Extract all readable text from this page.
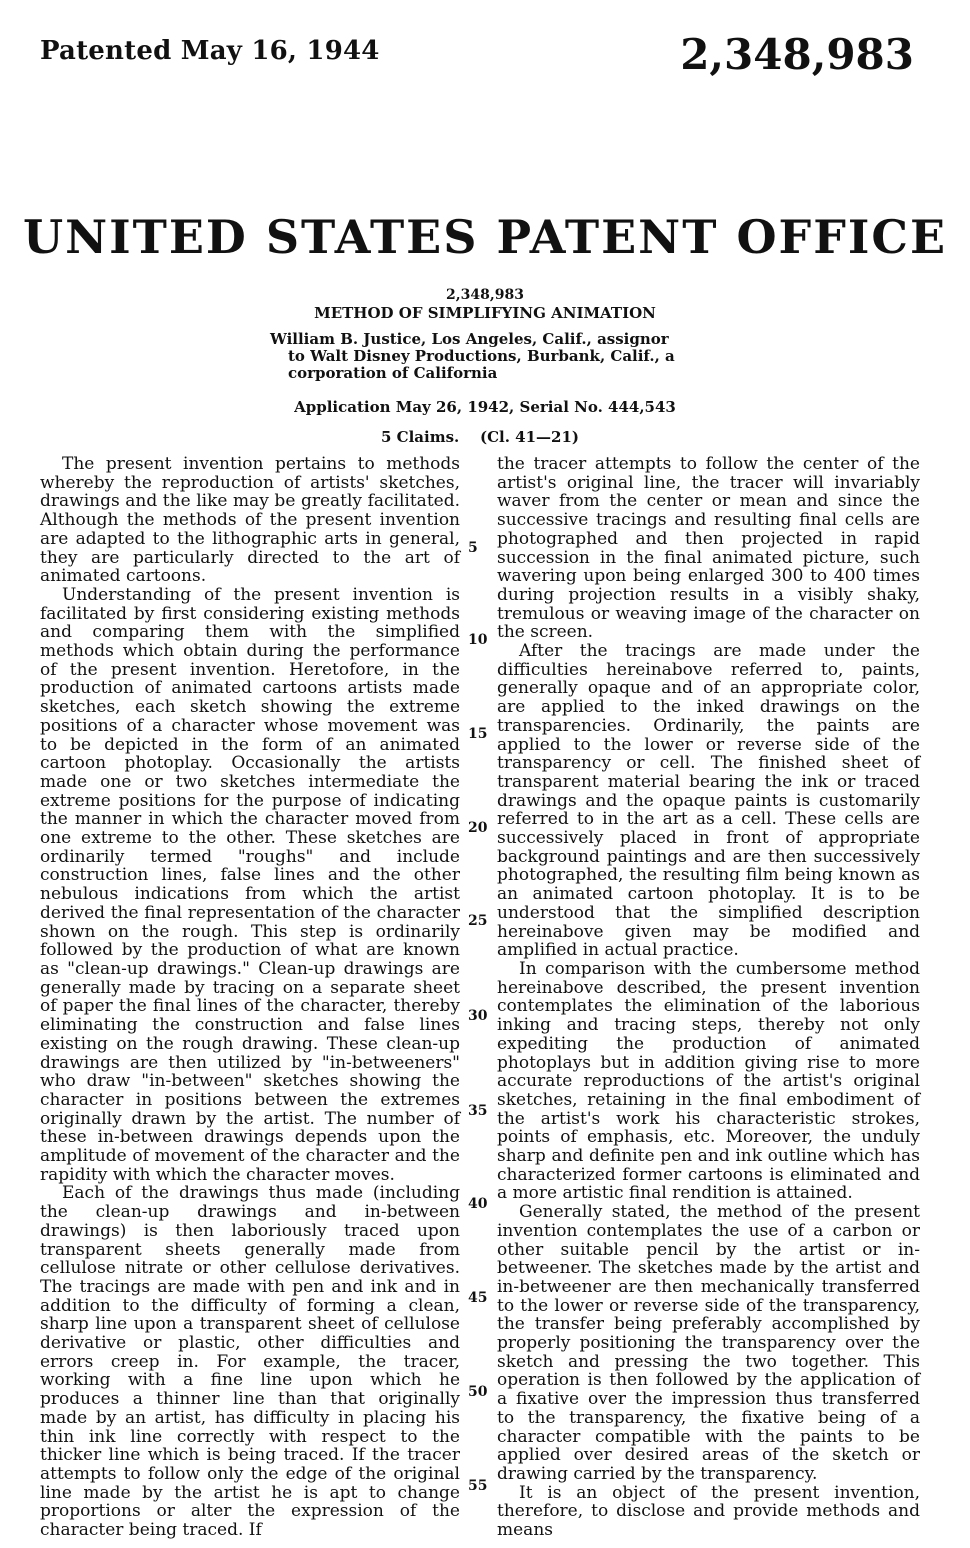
Patented May 16, 1944	2,348,983
UNITED STATES PATENT OFFICE
2,348,983
METHOD OF SIMPLIFYING ANIMATION
William B. Justice, Los Angeles, Calif., assignor
to Walt Disney Productions, Burbank, Calif., a
corporation of California
Application May 26, 1942, Serial No. 444,543
5 Claims. (Cl. 41—21)

The present invention pertains to methods whereby the reproduction of artists' sketches, drawings and the like may be greatly facilitated. Although the methods of the present invention are adapted to the lithographic arts in general, they are particularly directed to the art of animated cartoons.

Understanding of the present invention is facilitated by first considering existing methods and comparing them with the simplified methods which obtain during the performance of the present invention. Heretofore, in the production of animated cartoons artists made sketches, each sketch showing the extreme positions of a character whose movement was to be depicted in the form of an animated cartoon photoplay. Occasionally the artists made one or two sketches intermediate the extreme positions for the purpose of indicating the manner in which the character moved from one extreme to the other. These sketches are ordinarily termed "roughs" and include construction lines, false lines and the other nebulous indications from which the artist derived the final representation of the character shown on the rough. This step is ordinarily followed by the production of what are known as "clean-up drawings." Clean-up drawings are generally made by tracing on a separate sheet of paper the final lines of the character, thereby eliminating the construction and false lines existing on the rough drawing. These clean-up drawings are then utilized by "in-betweeners" who draw "in-between" sketches showing the character in positions between the extremes originally drawn by the artist. The number of these in-between drawings depends upon the amplitude of movement of the character and the rapidity with which the character moves.

Each of the drawings thus made (including the clean-up drawings and in-between drawings) is then laboriously traced upon transparent sheets generally made from cellulose nitrate or other cellulose derivatives. The tracings are made with pen and ink and in addition to the difficulty of forming a clean, sharp line upon a transparent sheet of cellulose derivative or plastic, other difficulties and errors creep in. For example, the tracer, working with a fine line upon which he produces a thinner line than that originally made by an artist, has difficulty in placing his thin ink line correctly with respect to the thicker line which is being traced. If the tracer attempts to follow only the edge of the original line made by the artist he is apt to change proportions or alter the expression of the character being traced. If

the tracer attempts to follow the center of the artist's original line, the tracer will invariably waver from the center or mean and since the successive tracings and resulting final cells are photographed and then projected in rapid succession in the final animated picture, such wavering upon being enlarged 300 to 400 times during projection results in a visibly shaky, tremulous or weaving image of the character on the screen.

After the tracings are made under the difficulties hereinabove referred to, paints, generally opaque and of an appropriate color, are applied to the inked drawings on the transparencies. Ordinarily, the paints are applied to the lower or reverse side of the transparency or cell. The finished sheet of transparent material bearing the ink or traced drawings and the opaque paints is customarily referred to in the art as a cell. These cells are successively placed in front of appropriate background paintings and are then successively photographed, the resulting film being known as an animated cartoon photoplay. It is to be understood that the simplified description hereinabove given may be modified and amplified in actual practice.

In comparison with the cumbersome method hereinabove described, the present invention contemplates the elimination of the laborious inking and tracing steps, thereby not only expediting the production of animated photoplays but in addition giving rise to more accurate reproductions of the artist's original sketches, retaining in the final embodiment of the artist's work his characteristic strokes, points of emphasis, etc. Moreover, the unduly sharp and definite pen and ink outline which has characterized former cartoons is eliminated and a more artistic final rendition is attained.

Generally stated, the method of the present invention contemplates the use of a carbon or other suitable pencil by the artist or in-betweener. The sketches made by the artist and in-betweener are then mechanically transferred to the lower or reverse side of the transparency, the transfer being preferably accomplished by properly positioning the transparency over the sketch and pressing the two together. This operation is then followed by the application of a fixative over the impression thus transferred to the transparency, the fixative being of a character compatible with the paints to be applied over desired areas of the sketch or drawing carried by the transparency.

It is an object of the present invention, therefore, to disclose and provide methods and means

5
10
15
20
25
30
35
40
45
50
55
